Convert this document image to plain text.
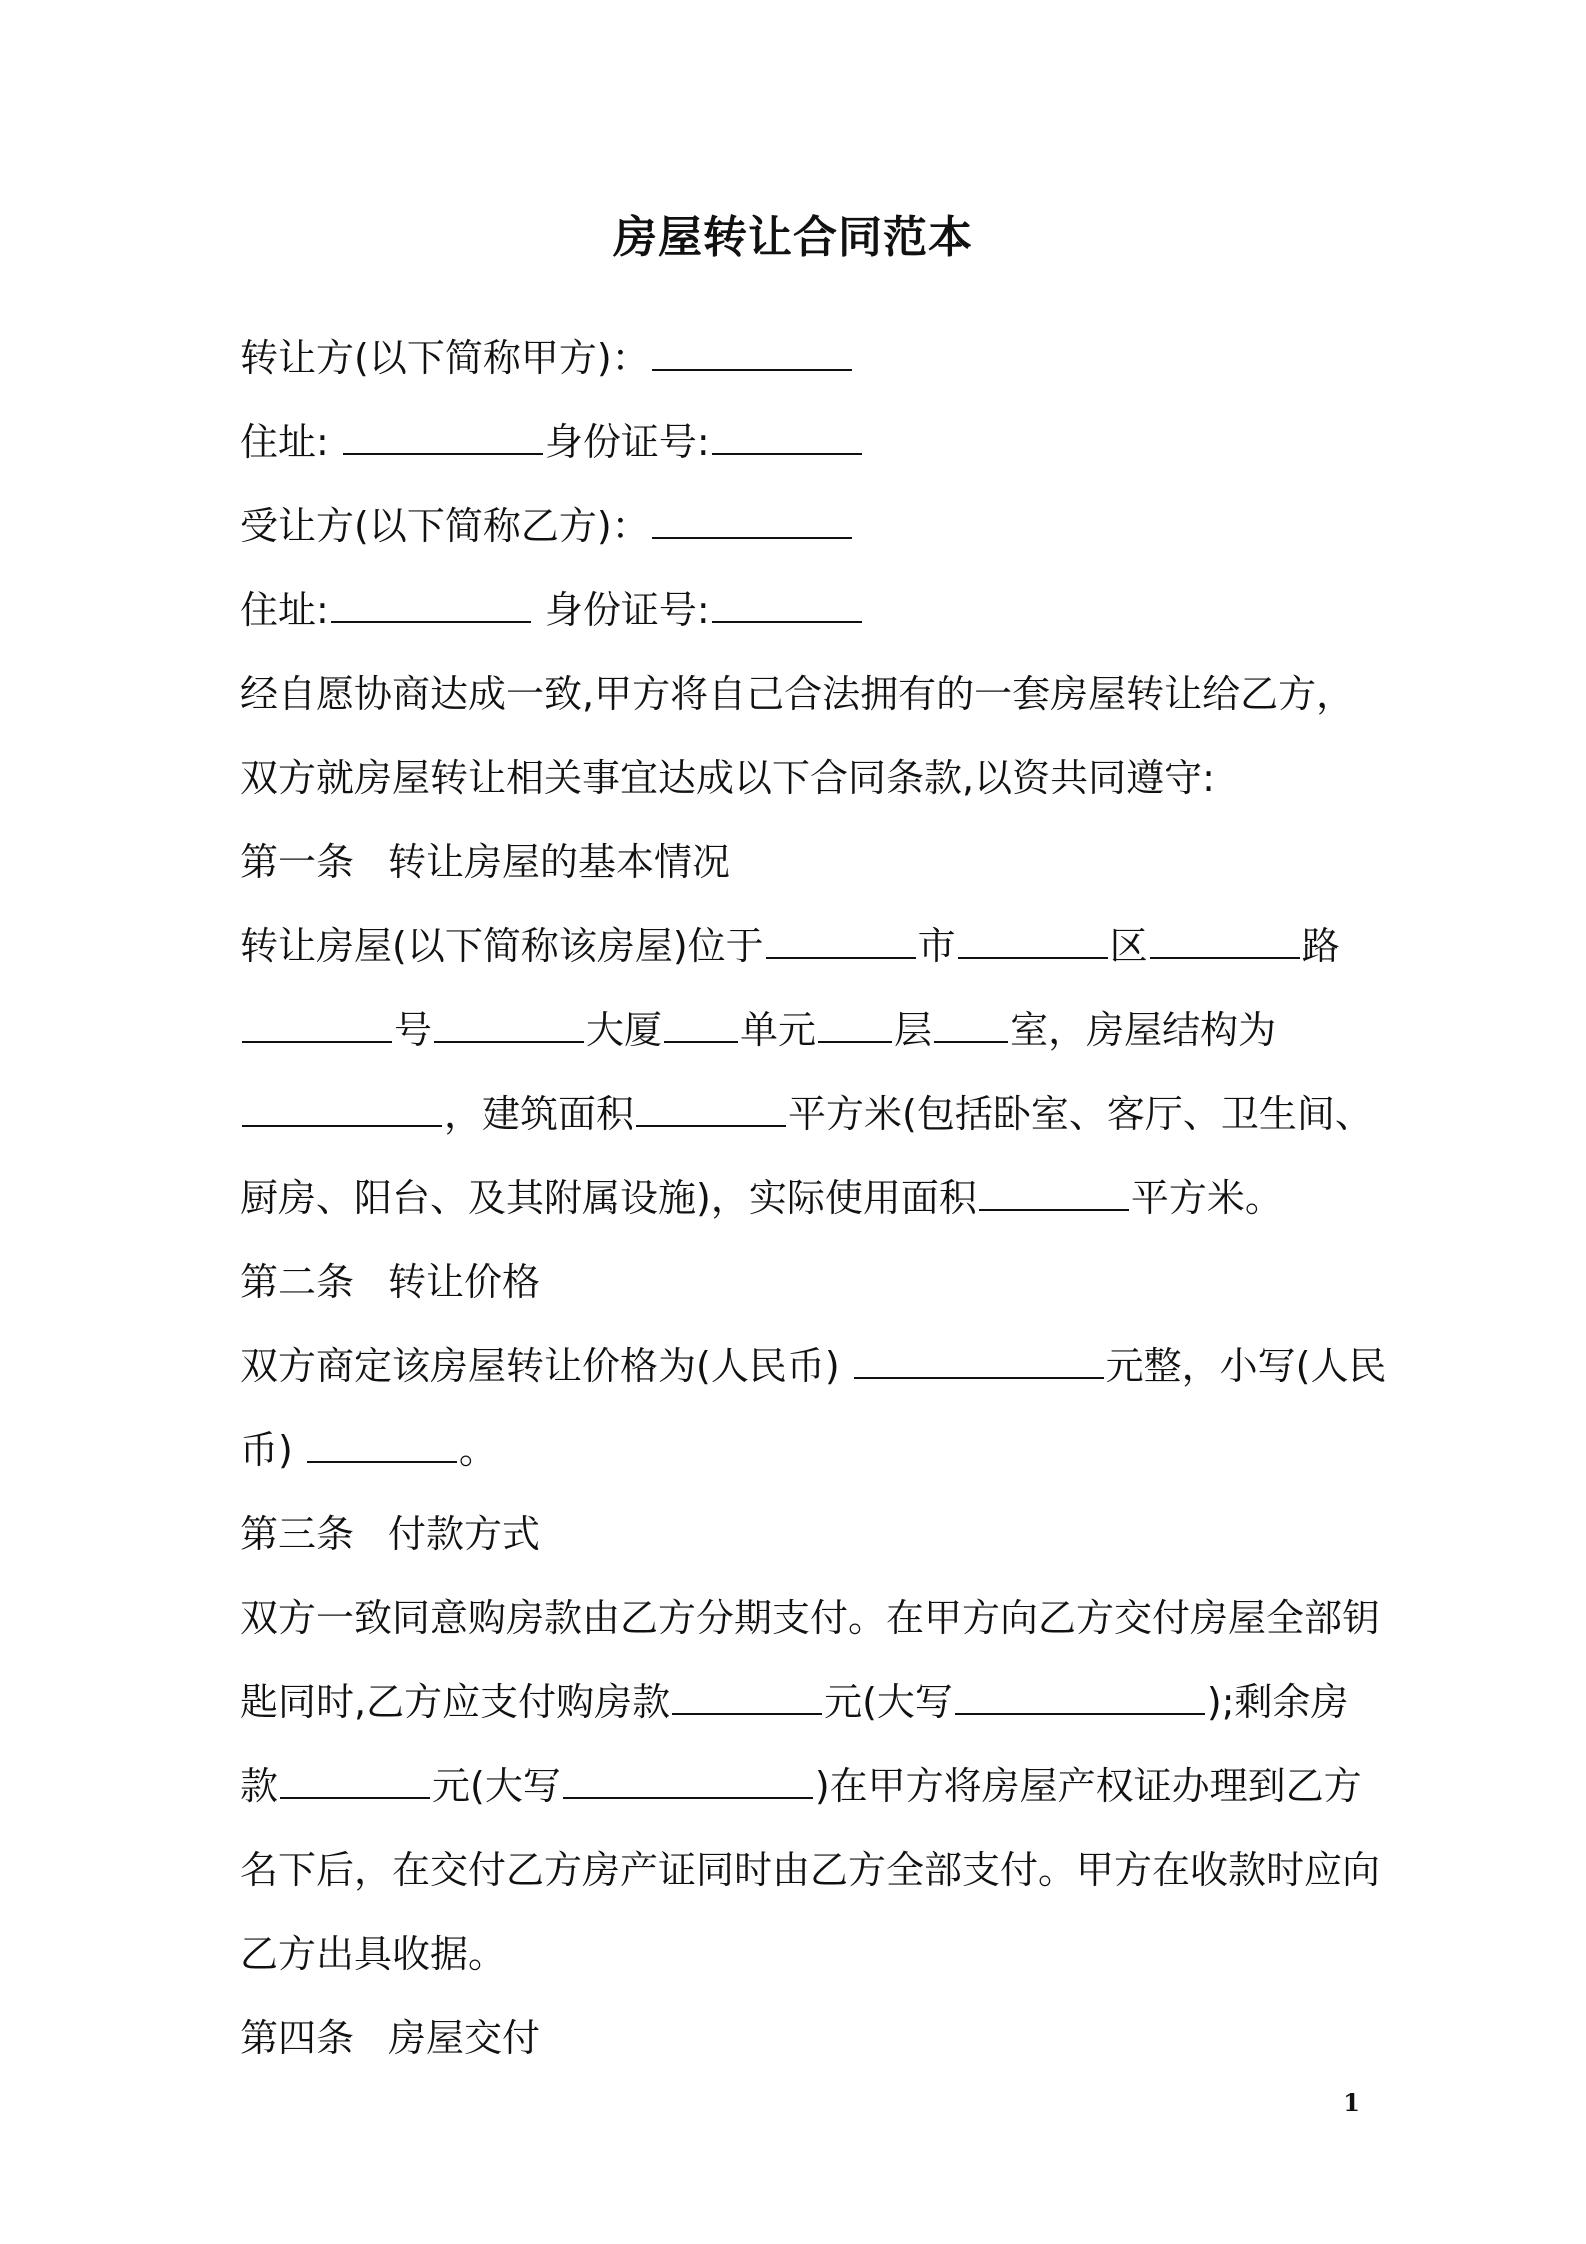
房屋转让合同范本
转让方(以下简称甲方)：
住址:	身份证号:
受让方(以下简称乙方)：
住址:	身份证号:
经自愿协商达成一致,甲方将自己合法拥有的一套房屋转让给乙方，
双方就房屋转让相关事宜达成以下合同条款,以资共同遵守:
第一条 转让房屋的基本情况
转让房屋(以下简称该房屋)位于	市	区	路
号	大厦 单元 层 室，房屋结构为
，建筑面积	平方米(包括卧室、客厅、卫生间、
厨房、阳台、及其附属设施)，实际使用面积	平方米。
第二条 转让价格
双方商定该房屋转让价格为(人民币)	元整，小写(人民
币)	。
第三条 付款方式
双方一致同意购房款由乙方分期支付。在甲方向乙方交付房屋全部钥
匙同时,乙方应支付购房款	元(大写	);剩余房
款	元(大写	)在甲方将房屋产权证办理到乙方
名下后，在交付乙方房产证同时由乙方全部支付。甲方在收款时应向
乙方出具收据。
第四条 房屋交付
1
